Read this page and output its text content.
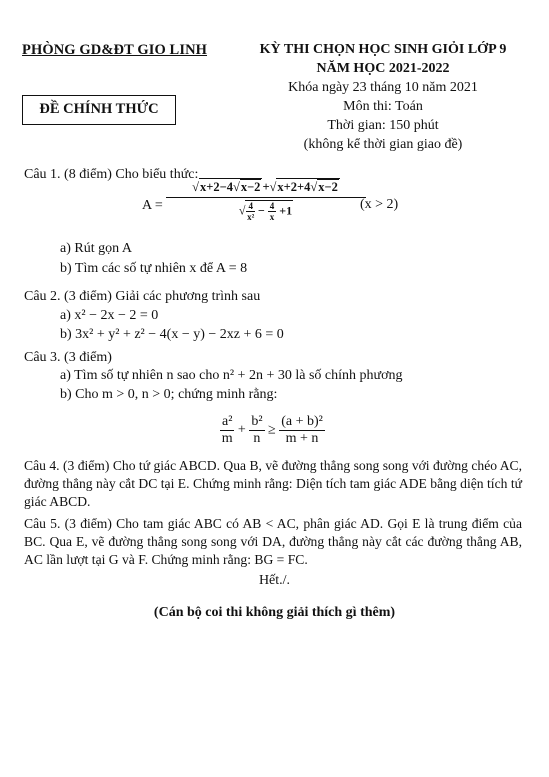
PHÒNG GD&ĐT GIO LINH	KỲ THI CHỌN HỌC SINH GIỎI LỚP 9
NĂM HỌC 2021-2022
Khóa ngày 23 tháng 10 năm 2021
Môn thi: Toán
Thời gian: 150 phút
(không kể thời gian giao đề)
ĐỀ CHÍNH THỨC
Câu 1. (8 điểm) Cho biểu thức:
$A = \frac{√x+2-4√x-2 +√x+2+4√x-2}{√ \frac{4}{\text{x²}} - \frac{4}{x} +1}$
(x > 2)
a) Rút gọn A
b) Tìm các số tự nhiên x để A = 8
Câu 2. (3 điểm) Giải các phương trình sau
a) x² − 2x − 2 = 0
b) 3x² + y² + z² − 4(x − y) − 2xz + 6 = 0
Câu 3. (3 điểm)
a) Tìm số tự nhiên n sao cho n² + 2n + 30 là số chính phương
b) Cho m > 0, n > 0; chứng minh rằng:
$\frac{\text{a²}}{m} + \frac{\text{b²}}{n} \ge \frac{\text{(a + b)²}}{m + n}$
Câu 4. (3 điểm) Cho tứ giác ABCD. Qua B, vẽ đường thẳng song song với đường chéo AC, đường thẳng này cắt DC tại E. Chứng minh rằng: Diện tích tam giác ADE bằng diện tích tứ giác ABCD.
Câu 5. (3 điểm) Cho tam giác ABC có AB < AC, phân giác AD. Gọi E là trung điểm của BC. Qua E, vẽ đường thẳng song song với DA, đường thẳng này cắt các đường thẳng AB, AC lần lượt tại G và F. Chứng minh rằng: BG = FC.
Hết./.
(Cán bộ coi thi không giải thích gì thêm)
